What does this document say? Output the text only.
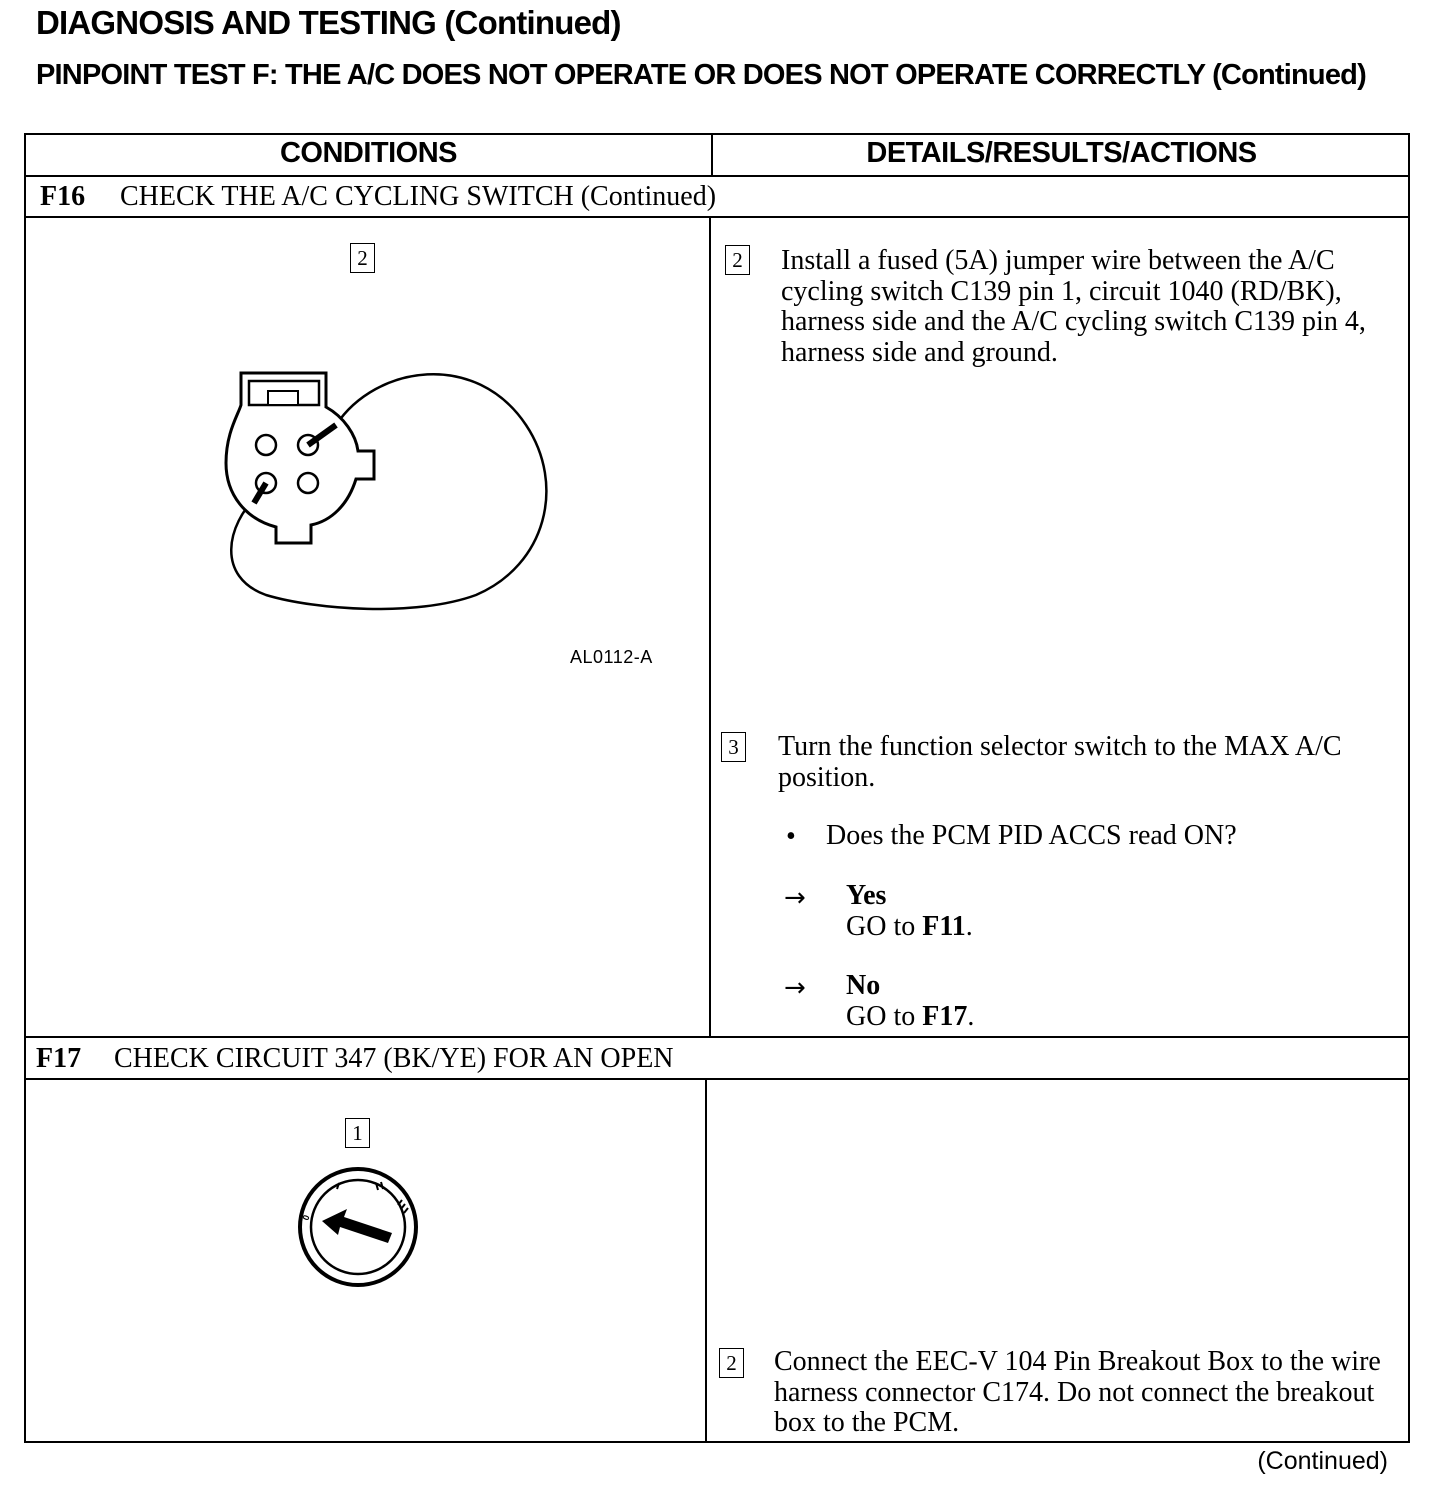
DIAGNOSIS AND TESTING (Continued)
PINPOINT TEST F: THE A/C DOES NOT OPERATE OR DOES NOT OPERATE CORRECTLY (Continued)
CONDITIONS	DETAILS/RESULTS/ACTIONS
F16 CHECK THE A/C CYCLING SWITCH (Continued)
2
AL0112-A
2 Install a fused (5A) jumper wire between the A/C cycling switch C139 pin 1, circuit 1040 (RD/BK), harness side and the A/C cycling switch C139 pin 4, harness side and ground.
3 Turn the function selector switch to the MAX A/C position.
• Does the PCM PID ACCS read ON?
→ Yes
GO to F11.
→ No
GO to F17.
F17 CHECK CIRCUIT 347 (BK/YE) FOR AN OPEN
1
0
2 Connect the EEC-V 104 Pin Breakout Box to the wire harness connector C174. Do not connect the breakout box to the PCM.
(Continued)
